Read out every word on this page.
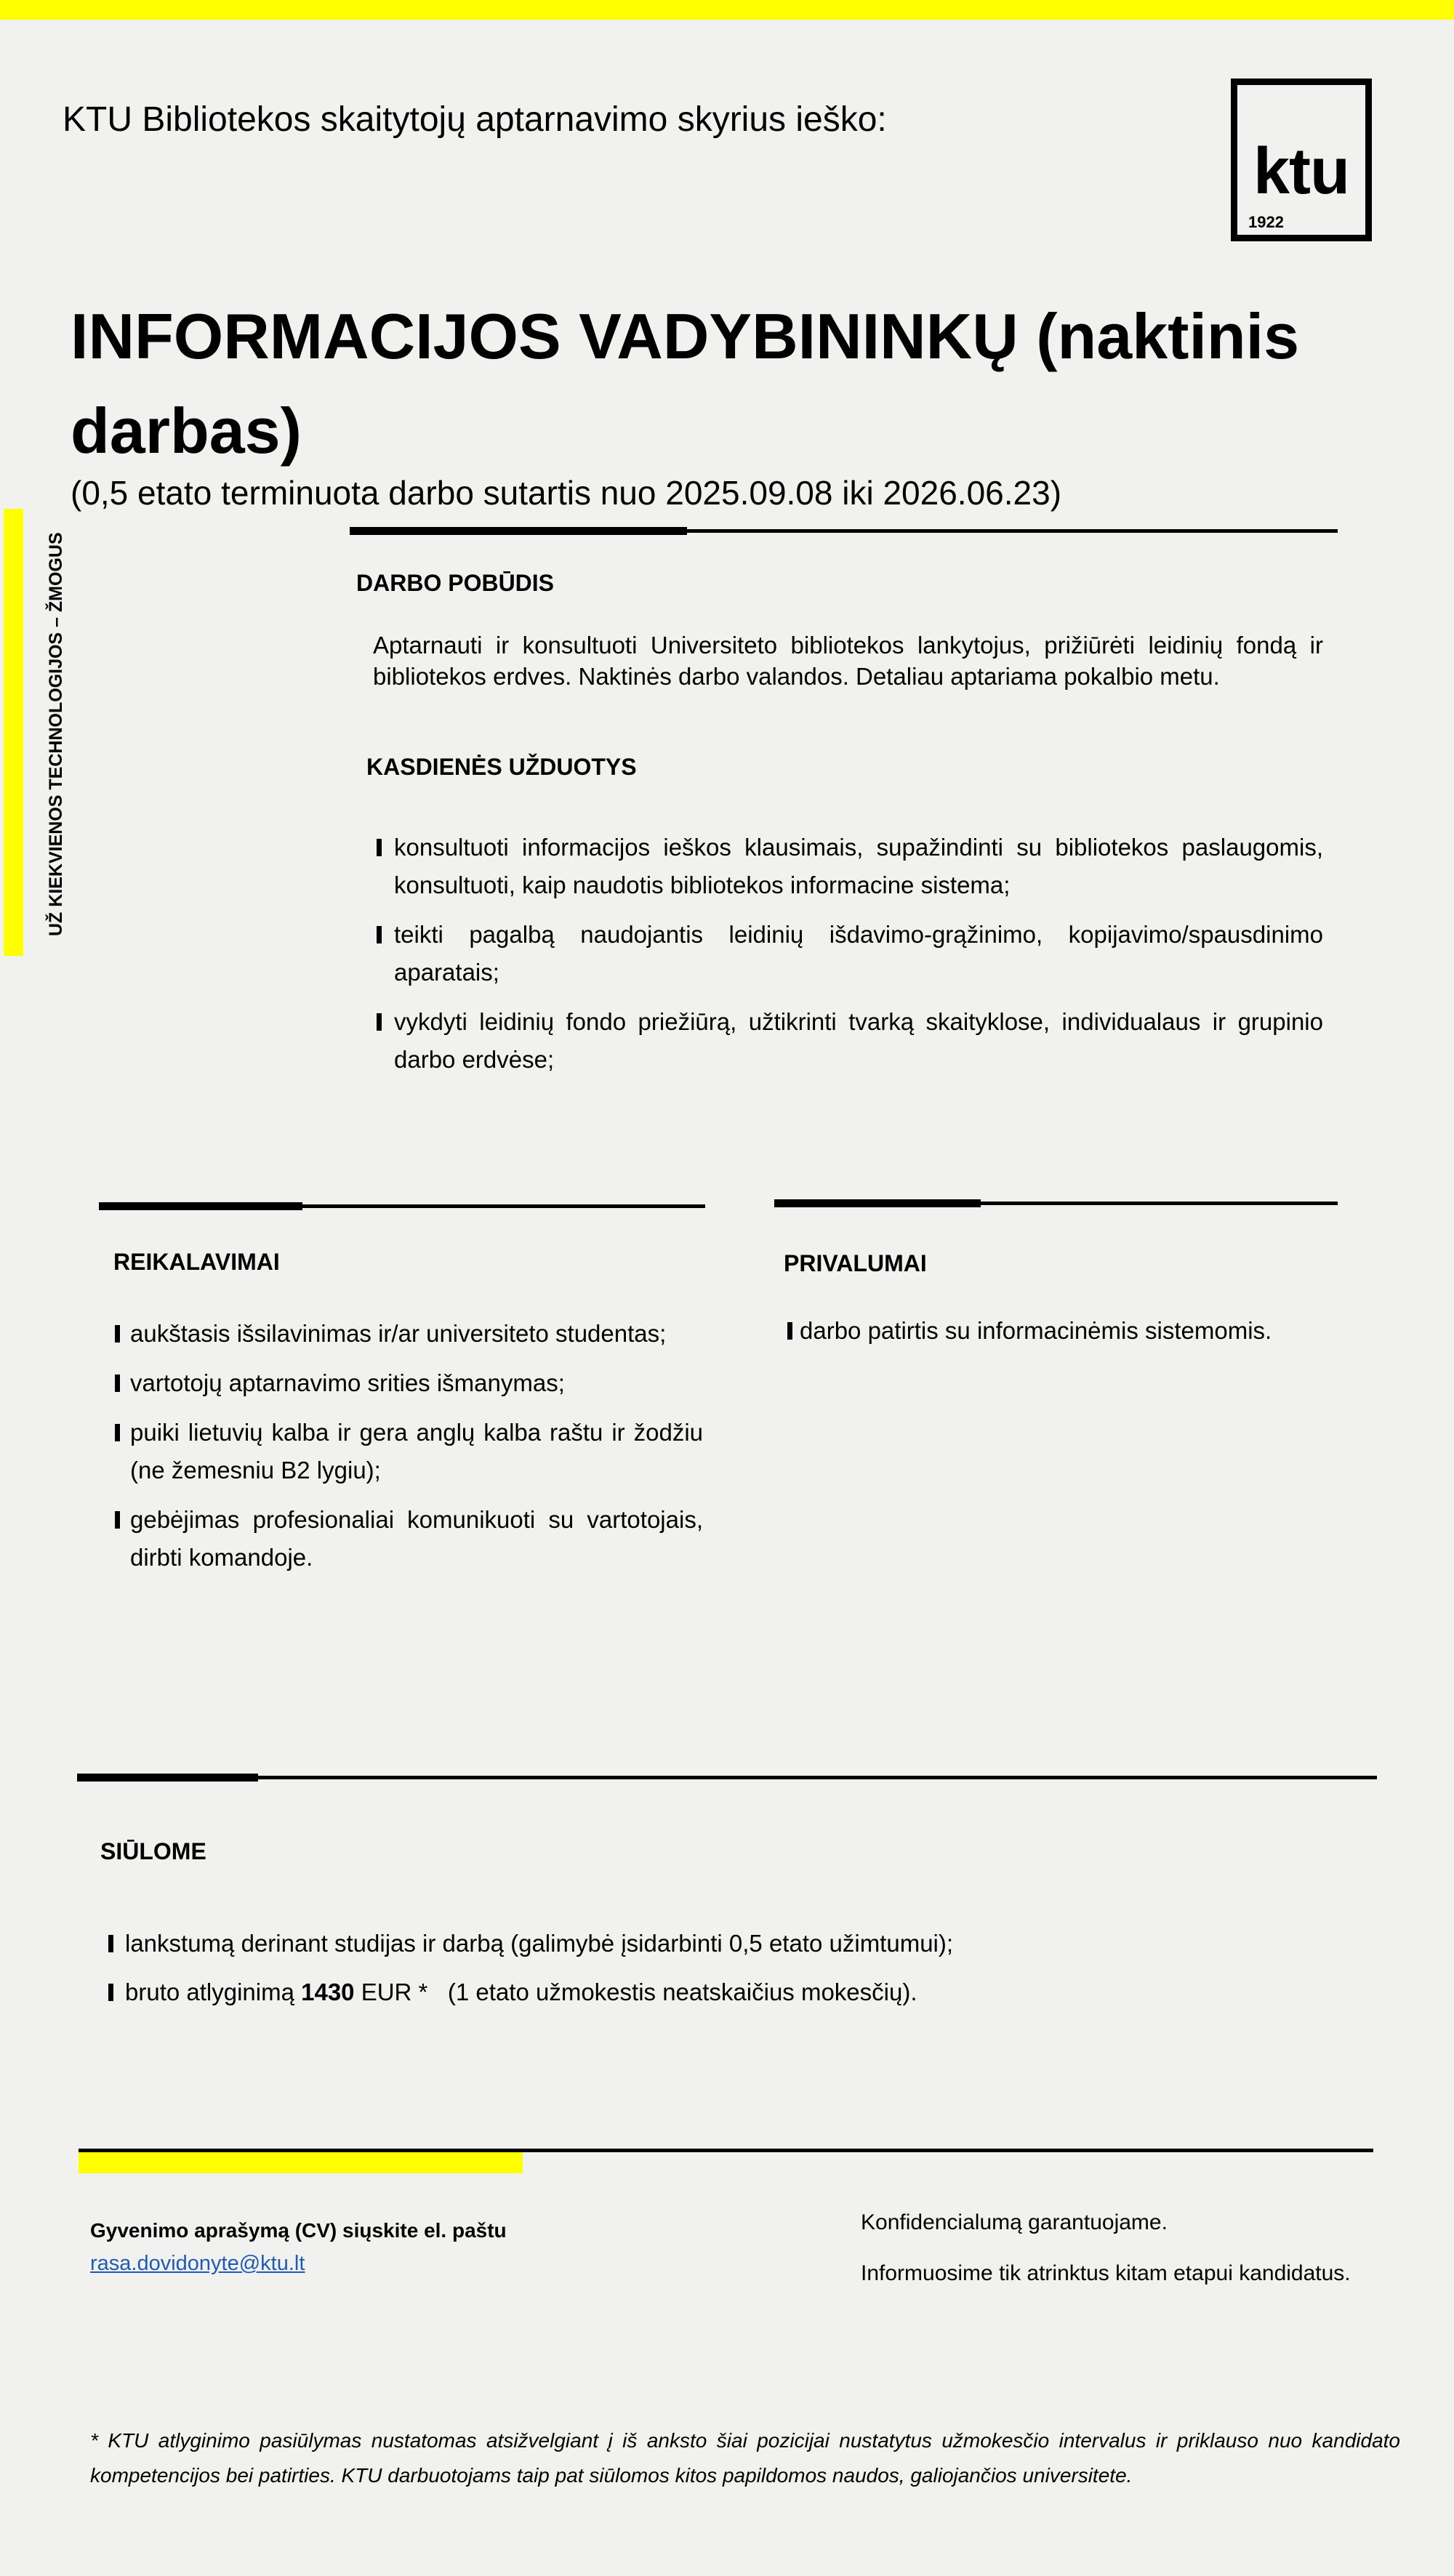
KTU Bibliotekos skaitytojų aptarnavimo skyrius ieško:
ktu
1922
INFORMACIJOS VADYBININKŲ (naktinis darbas)
(0,5 etato terminuota darbo sutartis nuo 2025.09.08 iki 2026.06.23)
UŽ KIEKVIENOS TECHNOLOGIJOS – ŽMOGUS	DARBO POBŪDIS
Aptarnauti ir konsultuoti Universiteto bibliotekos lankytojus, prižiūrėti leidinių fondą ir bibliotekos erdves. Naktinės darbo valandos. Detaliau aptariama pokalbio metu.
KASDIENĖS UŽDUOTYS
konsultuoti informacijos ieškos klausimais, supažindinti su bibliotekos paslaugomis, konsultuoti, kaip naudotis bibliotekos informacine sistema;
teikti pagalbą naudojantis leidinių išdavimo-grąžinimo, kopijavimo/spausdinimo aparatais;
vykdyti leidinių fondo priežiūrą, užtikrinti tvarką skaityklose, individualaus ir grupinio darbo erdvėse;
REIKALAVIMAI
aukštasis išsilavinimas ir/ar universiteto studentas;
vartotojų aptarnavimo srities išmanymas;
puiki lietuvių kalba ir gera anglų kalba raštu ir žodžiu (ne žemesniu B2 lygiu);
gebėjimas profesionaliai komunikuoti su vartotojais, dirbti komandoje.
PRIVALUMAI
darbo patirtis su informacinėmis sistemomis.
SIŪLOME
lankstumą derinant studijas ir darbą (galimybė įsidarbinti 0,5 etato užimtumui);
bruto atlyginimą 1430 EUR *   (1 etato užmokestis neatskaičius mokesčių).
Gyvenimo aprašymą (CV) siųskite el. paštu
rasa.dovidonyte@ktu.lt
Konfidencialumą garantuojame.
Informuosime tik atrinktus kitam etapui kandidatus.
* KTU atlyginimo pasiūlymas nustatomas atsižvelgiant į iš anksto šiai pozicijai nustatytus užmokesčio intervalus ir priklauso nuo kandidato kompetencijos bei patirties. KTU darbuotojams taip pat siūlomos kitos papildomos naudos, galiojančios universitete.
